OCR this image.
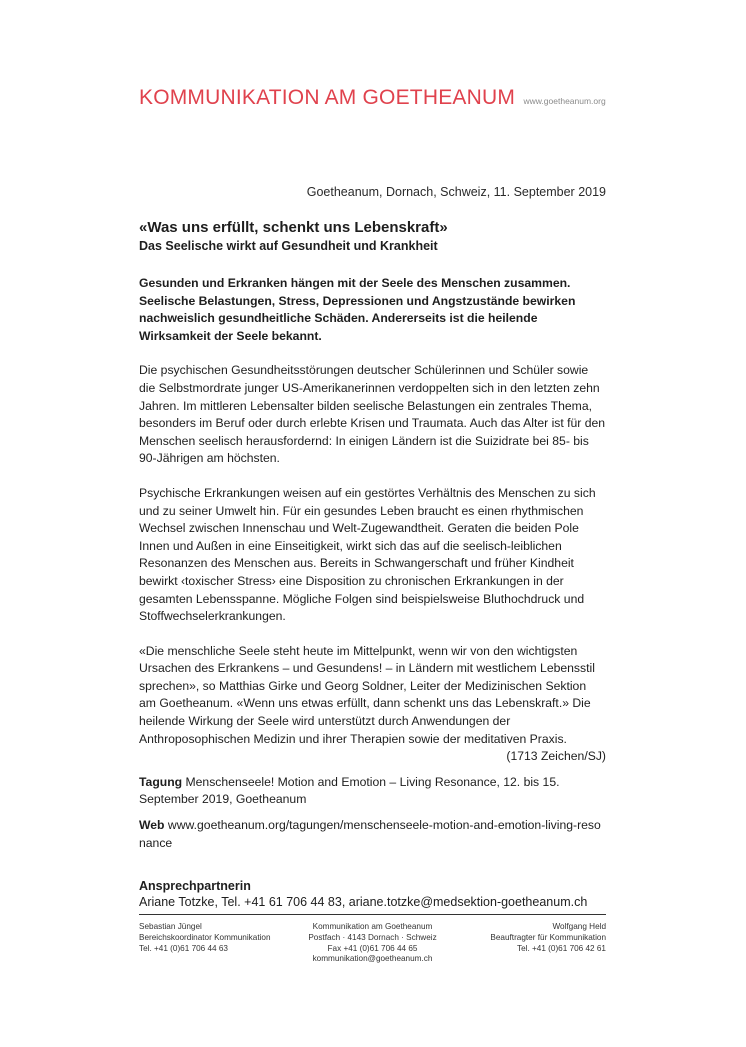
KOMMUNIKATION AM GOETHEANUM www.goetheanum.org
Goetheanum, Dornach, Schweiz, 11. September 2019

«Was uns erfüllt, schenkt uns Lebenskraft»

Das Seelische wirkt auf Gesundheit und Krankheit

Gesunden und Erkranken hängen mit der Seele des Menschen zusammen. Seelische Belastungen, Stress, Depressionen und Angstzustände bewirken nachweislich gesundheitliche Schäden. Andererseits ist die heilende Wirksamkeit der Seele bekannt.

Die psychischen Gesundheitsstörungen deutscher Schülerinnen und Schüler sowie die Selbstmordrate junger US-Amerikanerinnen verdoppelten sich in den letzten zehn Jahren. Im mittleren Lebensalter bilden seelische Belastungen ein zentrales Thema, besonders im Beruf oder durch erlebte Krisen und Traumata. Auch das Alter ist für den Menschen seelisch herausfordernd: In einigen Ländern ist die Suizidrate bei 85- bis 90-Jährigen am höchsten.

Psychische Erkrankungen weisen auf ein gestörtes Verhältnis des Menschen zu sich und zu seiner Umwelt hin. Für ein gesundes Leben braucht es einen rhythmischen Wechsel zwischen Innenschau und Welt-Zugewandtheit. Geraten die beiden Pole Innen und Außen in eine Einseitigkeit, wirkt sich das auf die seelisch-leiblichen Resonanzen des Menschen aus. Bereits in Schwangerschaft und früher Kindheit bewirkt ‹toxischer Stress› eine Disposition zu chronischen Erkrankungen in der gesamten Lebensspanne. Mögliche Folgen sind beispielsweise Bluthochdruck und Stoffwechselerkrankungen.

«Die menschliche Seele steht heute im Mittelpunkt, wenn wir von den wichtigsten Ursachen des Erkrankens – und Gesundens! – in Ländern mit westlichem Lebensstil sprechen», so Matthias Girke und Georg Soldner, Leiter der Medizinischen Sektion am Goetheanum. «Wenn uns etwas erfüllt, dann schenkt uns das Lebenskraft.» Die heilende Wirkung der Seele wird unterstützt durch Anwendungen der Anthroposophischen Medizin und ihrer Therapien sowie der meditativen Praxis.

(1713 Zeichen/SJ)

Tagung Menschenseele! Motion and Emotion – Living Resonance, 12. bis 15. September 2019, Goetheanum

Web www.goetheanum.org/tagungen/menschenseele-motion-and-emotion-living-resonance

Ansprechpartnerin
Ariane Totzke, Tel. +41 61 706 44 83, ariane.totzke@medsektion-goetheanum.ch
Sebastian Jüngel
Bereichskoordinator Kommunikation
Tel. +41 (0)61 706 44 63
Kommunikation am Goetheanum
Postfach · 4143 Dornach · Schweiz
Fax +41 (0)61 706 44 65
kommunikation@goetheanum.ch
Wolfgang Held
Beauftragter für Kommunikation
Tel. +41 (0)61 706 42 61
